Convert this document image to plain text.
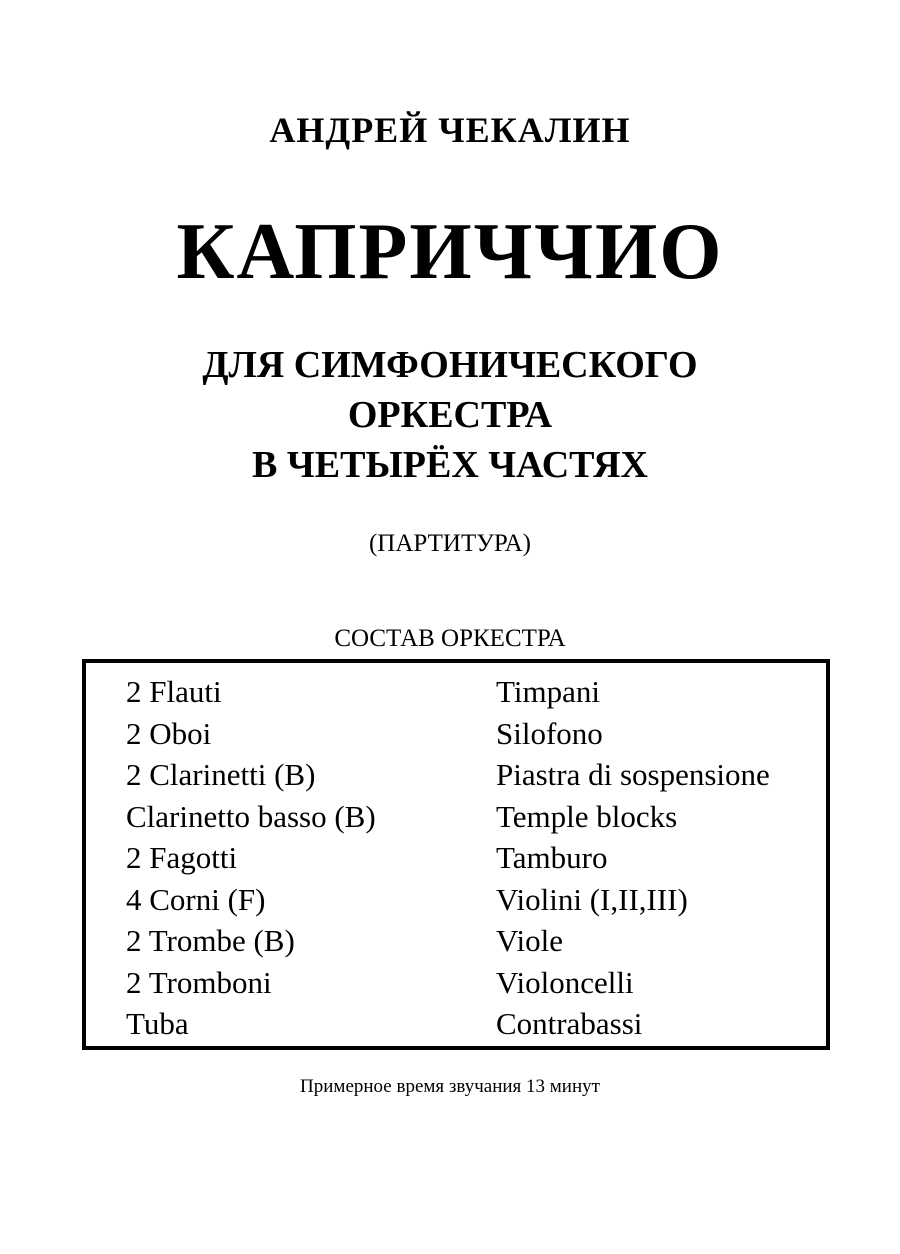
АНДРЕЙ ЧЕКАЛИН
КАПРИЧЧИО
ДЛЯ СИМФОНИЧЕСКОГО
ОРКЕСТРА
В ЧЕТЫРЁХ ЧАСТЯХ
(ПАРТИТУРА)
СОСТАВ ОРКЕСТРА
2 Flauti
2 Oboi
2 Clarinetti (B)
Clarinetto basso (B)
2 Fagotti
4 Corni (F)
2 Trombe (B)
2 Tromboni
Tuba
Timpani
Silofono
Piastra di sospensione
Temple blocks
Tamburo
Violini (I,II,III)
Viole
Violoncelli
Contrabassi
Примерное время звучания 13 минут
